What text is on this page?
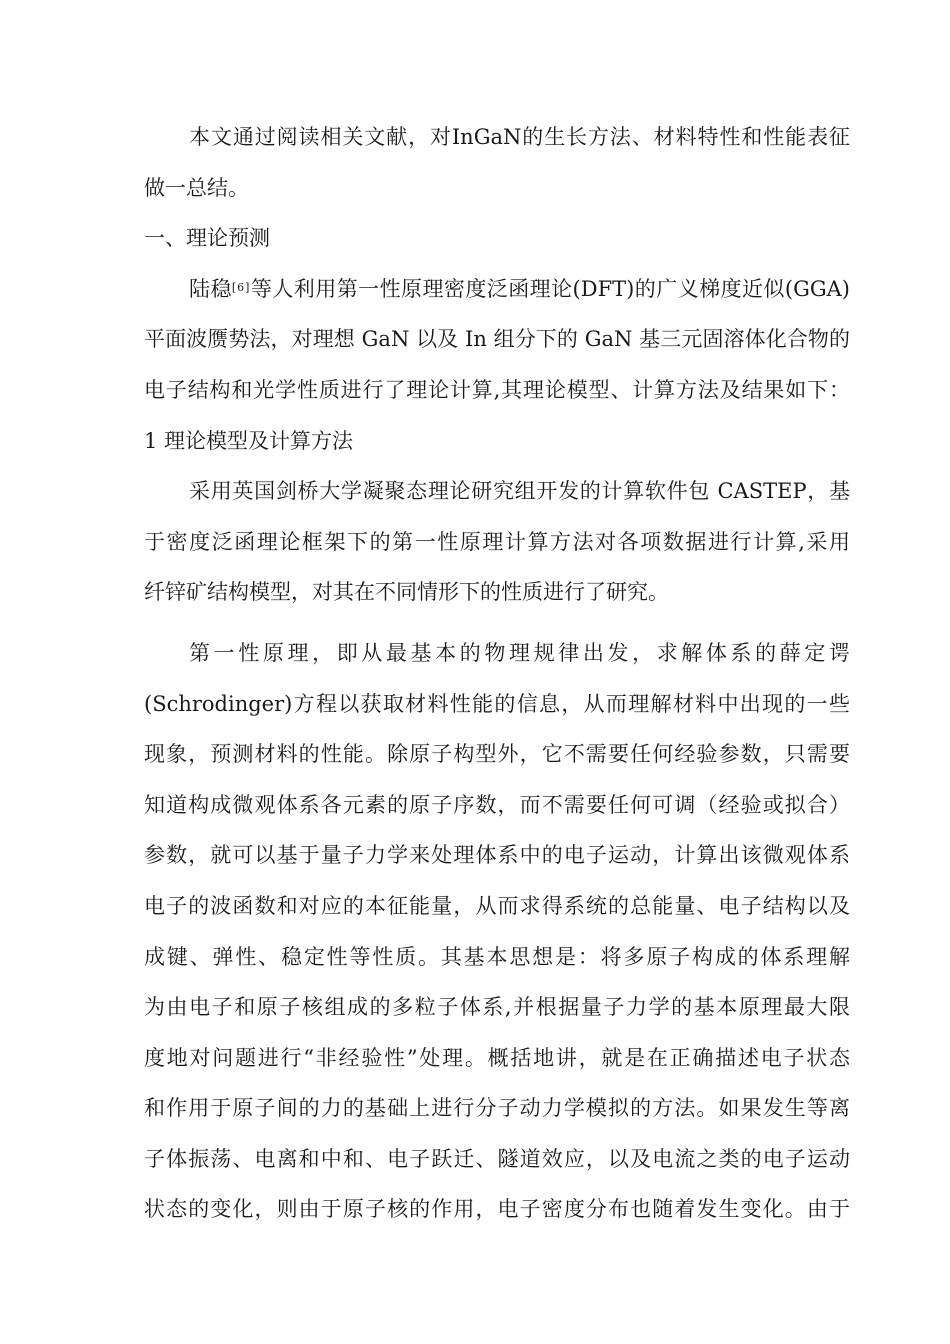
本文通过阅读相关文献，对InGaN的生长方法、材料特性和性能表征
做一总结。
一、理论预测
陆稳[6]等人利用第一性原理密度泛函理论(DFT)的广义梯度近似(GGA)
平面波赝势法，对理想 GaN 以及 In 组分下的 GaN 基三元固溶体化合物的
电子结构和光学性质进行了理论计算,其理论模型、计算方法及结果如下：
1 理论模型及计算方法
采用英国剑桥大学凝聚态理论研究组开发的计算软件包 CASTEP，基
于密度泛函理论框架下的第一性原理计算方法对各项数据进行计算,采用
纤锌矿结构模型，对其在不同情形下的性质进行了研究。
第一性原理，即从最基本的物理规律出发，求解体系的薛定谔
(Schrodinger)方程以获取材料性能的信息，从而理解材料中出现的一些
现象，预测材料的性能。除原子构型外，它不需要任何经验参数，只需要
知道构成微观体系各元素的原子序数，而不需要任何可调（经验或拟合）
参数，就可以基于量子力学来处理体系中的电子运动，计算出该微观体系
电子的波函数和对应的本征能量，从而求得系统的总能量、电子结构以及
成键、弹性、稳定性等性质。其基本思想是：将多原子构成的体系理解
为由电子和原子核组成的多粒子体系,并根据量子力学的基本原理最大限
度地对问题进行“非经验性”处理。概括地讲，就是在正确描述电子状态
和作用于原子间的力的基础上进行分子动力学模拟的方法。如果发生等离
子体振荡、电离和中和、电子跃迁、隧道效应，以及电流之类的电子运动
状态的变化，则由于原子核的作用，电子密度分布也随着发生变化。由于
